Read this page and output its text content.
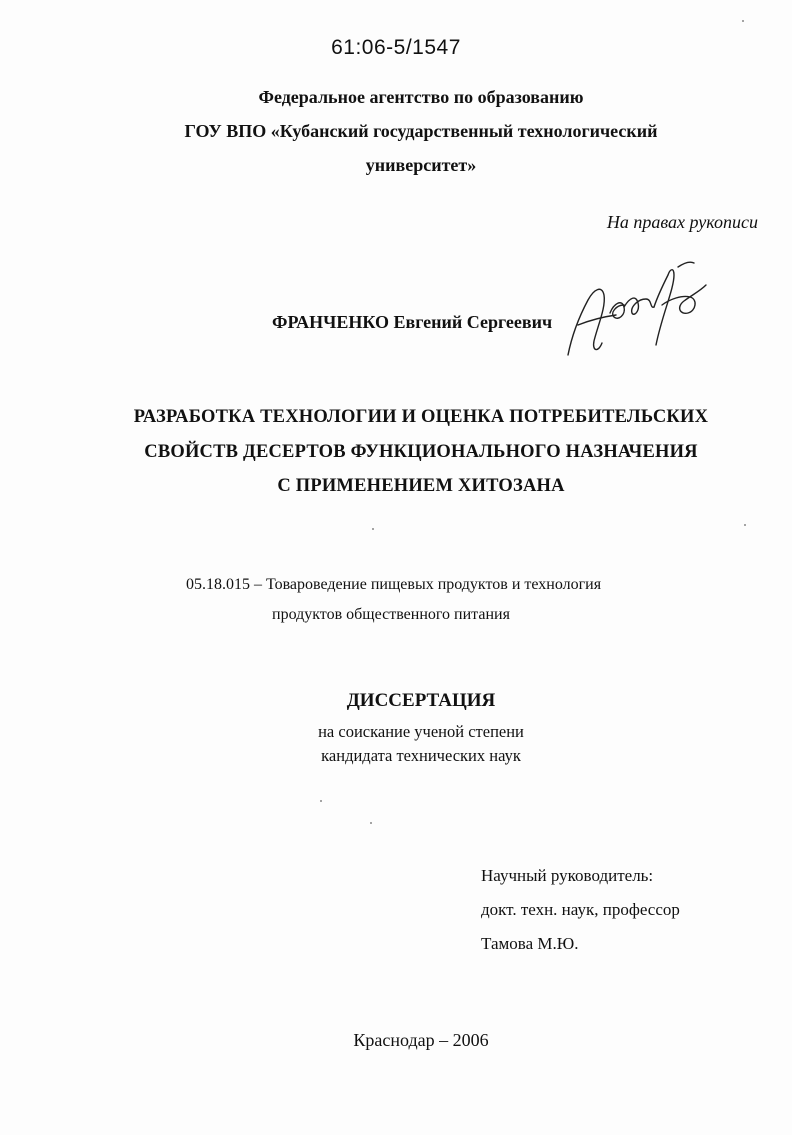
61:06-5/1547

Федеральное агентство по образованию

ГОУ ВПО «Кубанский государственный технологический

университет»

На правах рукописи

ФРАНЧЕНКО Евгений Сергеевич

РАЗРАБОТКА ТЕХНОЛОГИИ И ОЦЕНКА ПОТРЕБИТЕЛЬСКИХ

СВОЙСТВ ДЕСЕРТОВ ФУНКЦИОНАЛЬНОГО НАЗНАЧЕНИЯ

С ПРИМЕНЕНИЕМ ХИТОЗАНА

05.18.015 – Товароведение пищевых продуктов и технология

продуктов общественного питания

ДИССЕРТАЦИЯ

на соискание ученой степени

кандидата технических наук

Научный руководитель:

докт. техн. наук, профессор

Тамова М.Ю.

Краснодар – 2006
